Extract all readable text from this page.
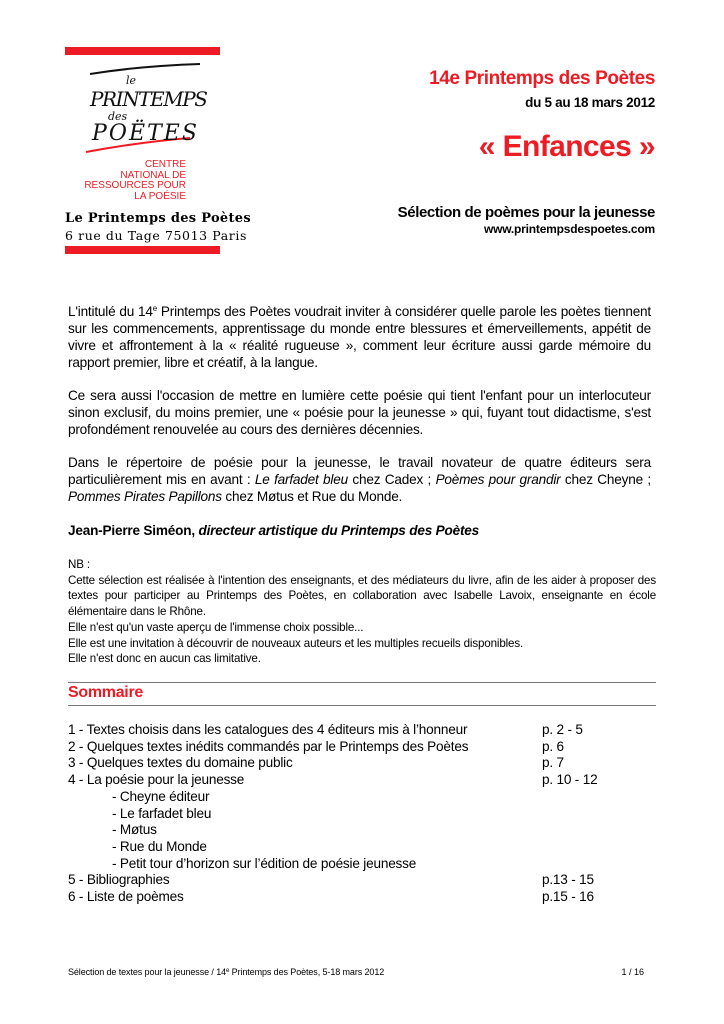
le
PRINTEMPS
des
POËTES
CENTRE
NATIONAL DE
RESSOURCES POUR
LA POÉSIE
Le Printemps des Poètes
6 rue du Tage 75013 Paris
14e Printemps des Poètes
du 5 au 18 mars 2012
« Enfances »
Sélection de poèmes pour la jeunesse
www.printempsdespoetes.com

L'intitulé du 14e Printemps des Poètes voudrait inviter à considérer quelle parole les poètes tiennent sur les commencements, apprentissage du monde entre blessures et émerveillements, appétit de vivre et affrontement à la « réalité rugueuse », comment leur écriture aussi garde mémoire du rapport premier, libre et créatif, à la langue.

Ce sera aussi l'occasion de mettre en lumière cette poésie qui tient l'enfant pour un interlocuteur sinon exclusif, du moins premier, une « poésie pour la jeunesse » qui, fuyant tout didactisme, s'est profondément renouvelée au cours des dernières décennies.

Dans le répertoire de poésie pour la jeunesse, le travail novateur de quatre éditeurs sera particulièrement mis en avant : Le farfadet bleu chez Cadex ; Poèmes pour grandir chez Cheyne ; Pommes Pirates Papillons chez Møtus et Rue du Monde.

Jean-Pierre Siméon, directeur artistique du Printemps des Poètes

NB :
Cette sélection est réalisée à l'intention des enseignants, et des médiateurs du livre, afin de les aider à proposer des textes pour participer au Printemps des Poètes, en collaboration avec Isabelle Lavoix, enseignante en école élémentaire dans le Rhône.
Elle n'est qu'un vaste aperçu de l'immense choix possible...
Elle est une invitation à découvrir de nouveaux auteurs et les multiples recueils disponibles.
Elle n'est donc en aucun cas limitative.
Sommaire
1 - Textes choisis dans les catalogues des 4 éditeurs mis à l’honneur	p. 2 - 5
2 - Quelques textes inédits commandés par le Printemps des Poètes	p. 6
3 - Quelques textes du domaine public	p. 7
4 - La poésie pour la jeunesse	p. 10 - 12
- Cheyne éditeur
- Le farfadet bleu
- Møtus
- Rue du Monde
- Petit tour d’horizon sur l’édition de poésie jeunesse
5 - Bibliographies	p.13 - 15
6 - Liste de poèmes	p.15 - 16
Sélection de textes pour la jeunesse / 14e Printemps des Poètes, 5-18 mars 2012	1 / 16
